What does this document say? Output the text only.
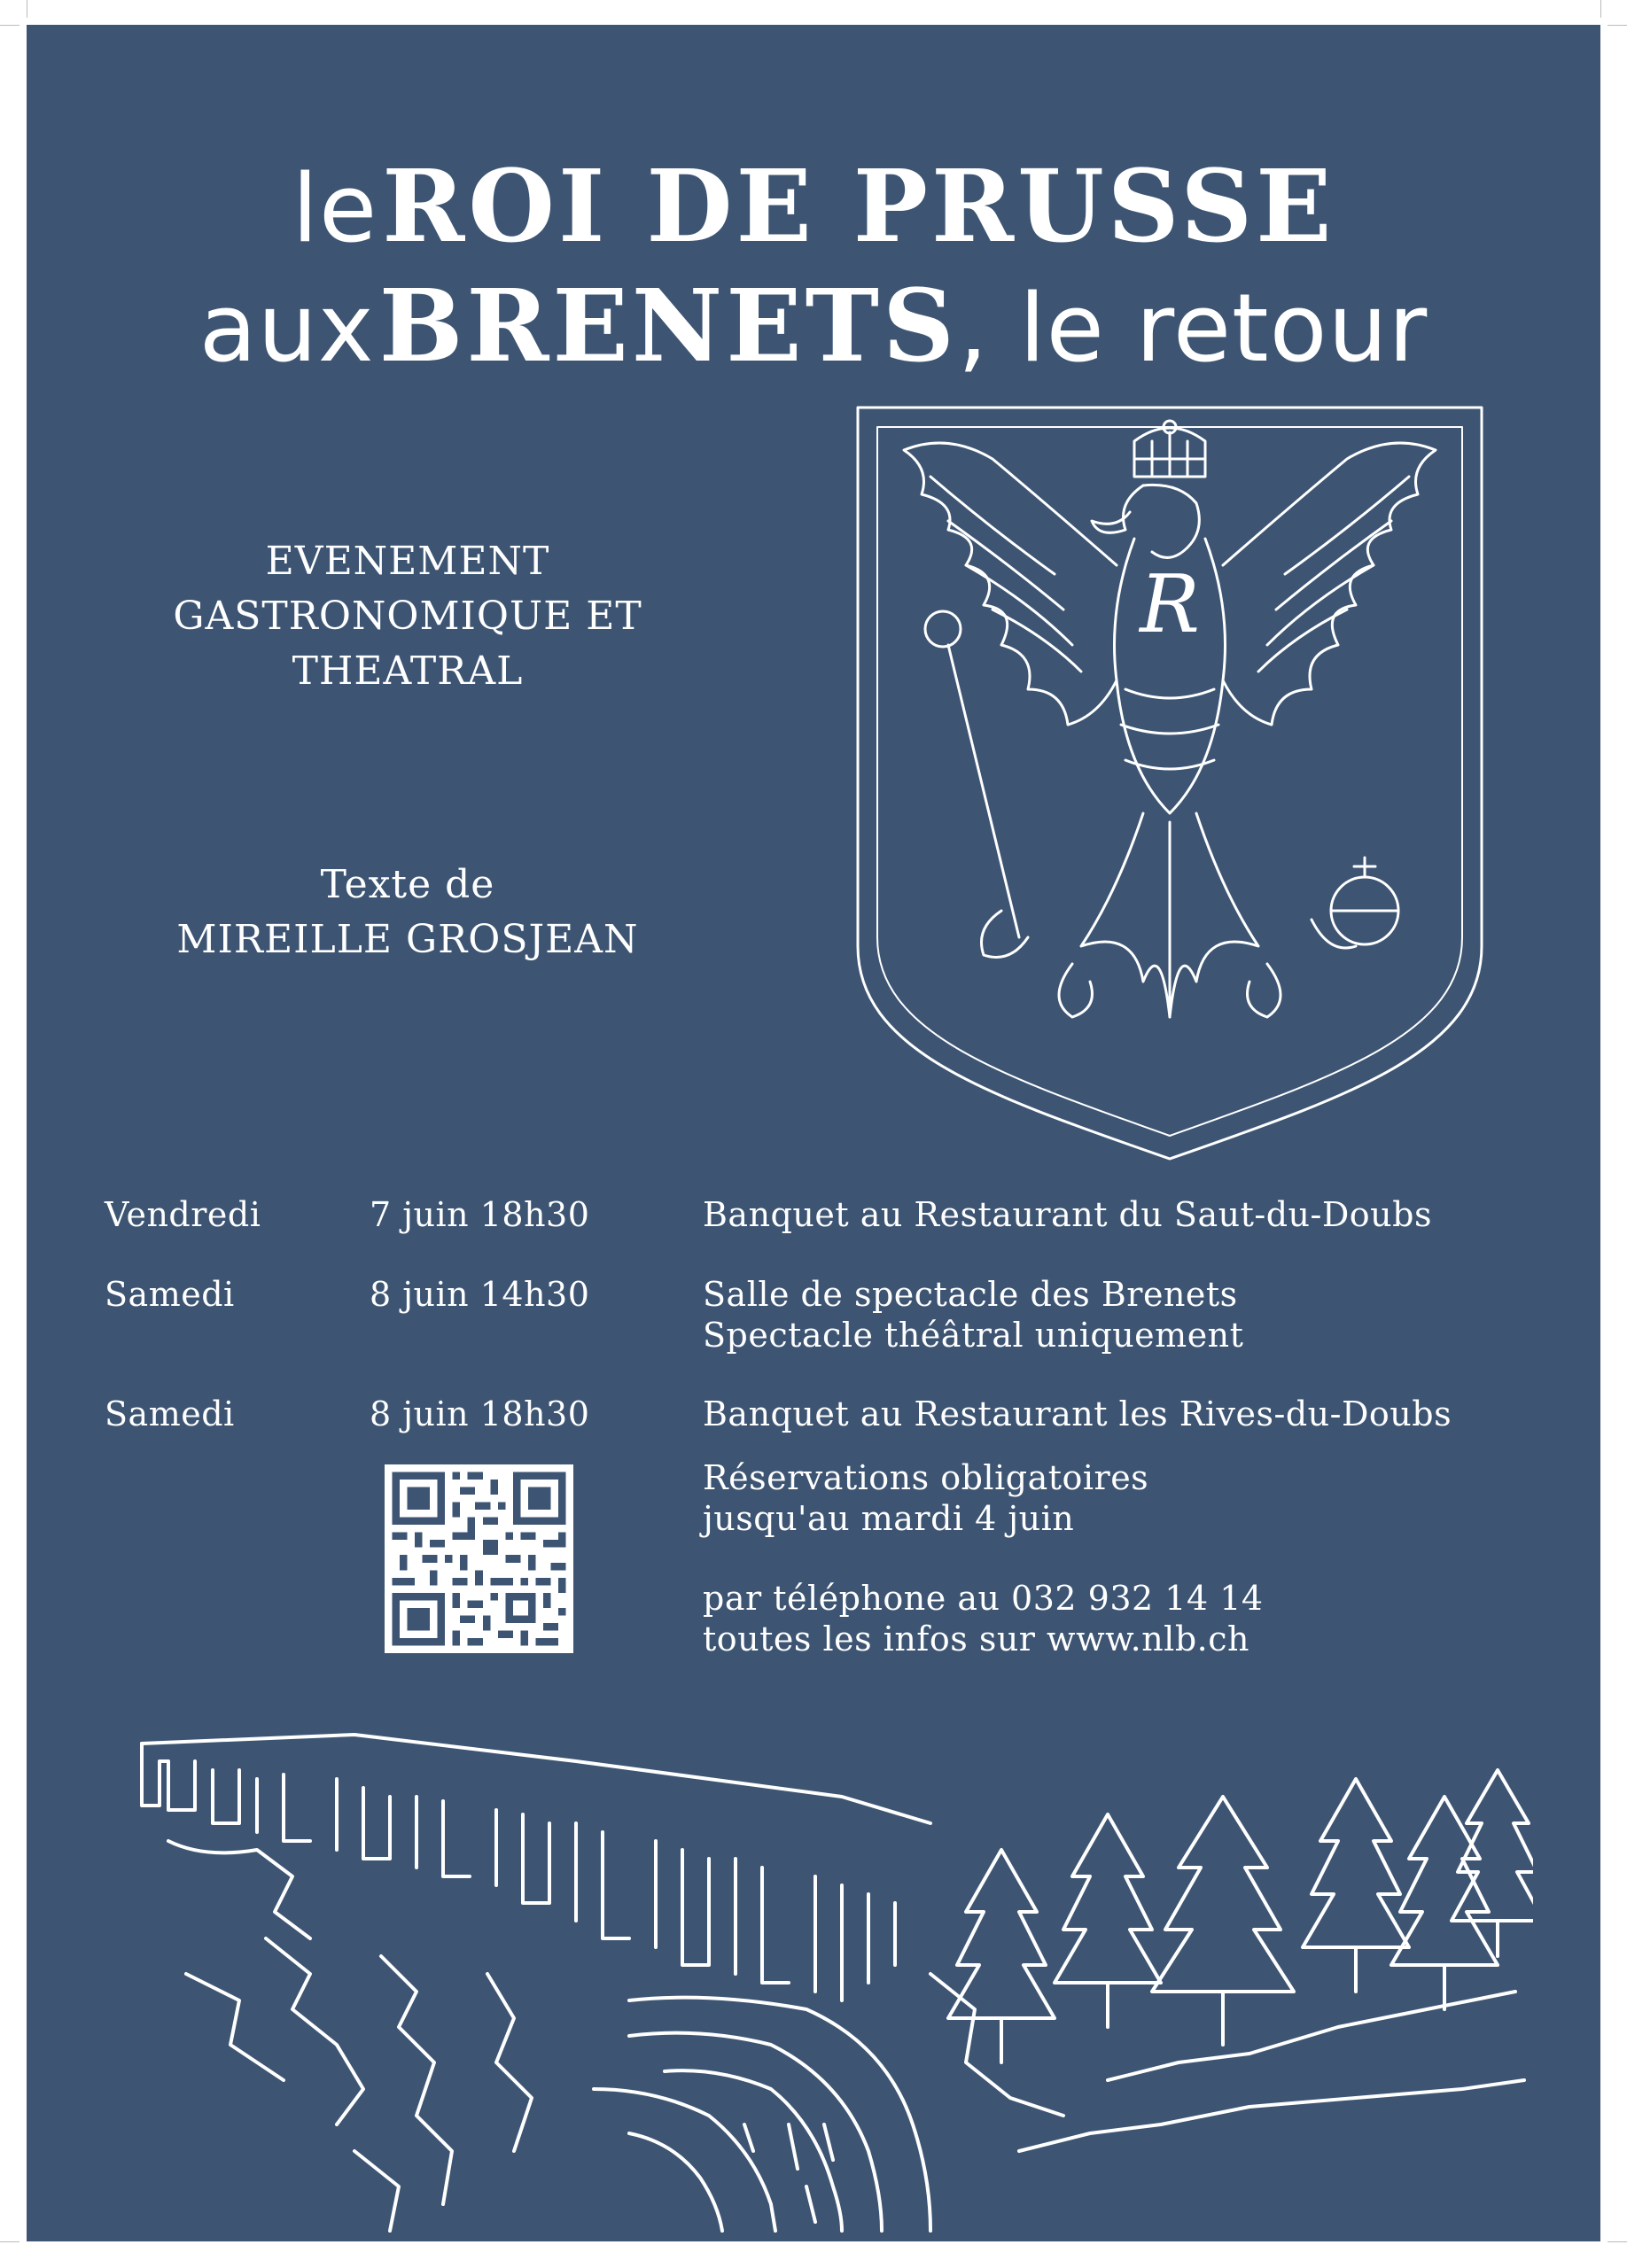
le ROI DE PRUSSE
aux BRENETS, le retour
EVENEMENT
GASTRONOMIQUE ET
THEATRAL
Texte de
MIREILLE GROSJEAN
R
Vendredi	7 juin 18h30	Banquet au Restaurant du Saut-du-Doubs
Samedi	8 juin 14h30	Salle de spectacle des Brenets
Spectacle théâtral uniquement
Samedi	8 juin 18h30	Banquet au Restaurant les Rives-du-Doubs
Réservations obligatoires
jusqu'au mardi 4 juin
par téléphone au 032 932 14 14
toutes les infos sur www.nlb.ch
